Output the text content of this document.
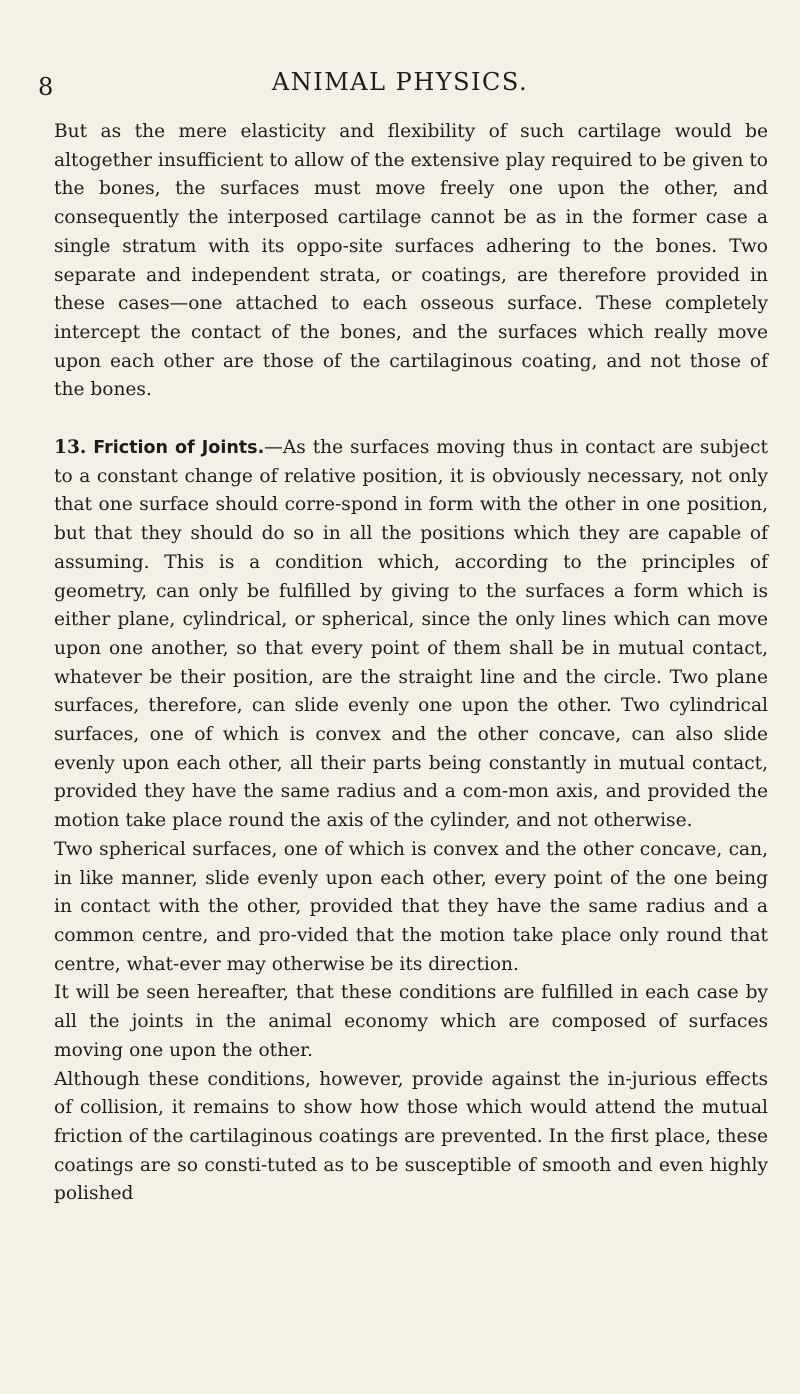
8	ANIMAL PHYSICS.

But as the mere elasticity and flexibility of such cartilage would be altogether insufficient to allow of the extensive play required to be given to the bones, the surfaces must move freely one upon the other, and consequently the interposed cartilage cannot be as in the former case a single stratum with its oppo-site surfaces adhering to the bones. Two separate and independent strata, or coatings, are therefore provided in these cases—one attached to each osseous surface. These completely intercept the contact of the bones, and the surfaces which really move upon each other are those of the cartilaginous coating, and not those of the bones.

13. Friction of Joints.—As the surfaces moving thus in contact are subject to a constant change of relative position, it is obviously necessary, not only that one surface should corre-spond in form with the other in one position, but that they should do so in all the positions which they are capable of assuming. This is a condition which, according to the principles of geometry, can only be fulfilled by giving to the surfaces a form which is either plane, cylindrical, or spherical, since the only lines which can move upon one another, so that every point of them shall be in mutual contact, whatever be their position, are the straight line and the circle. Two plane surfaces, therefore, can slide evenly one upon the other. Two cylindrical surfaces, one of which is convex and the other concave, can also slide evenly upon each other, all their parts being constantly in mutual contact, provided they have the same radius and a com-mon axis, and provided the motion take place round the axis of the cylinder, and not otherwise.

Two spherical surfaces, one of which is convex and the other concave, can, in like manner, slide evenly upon each other, every point of the one being in contact with the other, provided that they have the same radius and a common centre, and pro-vided that the motion take place only round that centre, what-ever may otherwise be its direction.

It will be seen hereafter, that these conditions are fulfilled in each case by all the joints in the animal economy which are composed of surfaces moving one upon the other.

Although these conditions, however, provide against the in-jurious effects of collision, it remains to show how those which would attend the mutual friction of the cartilaginous coatings are prevented. In the first place, these coatings are so consti-tuted as to be susceptible of smooth and even highly polished
